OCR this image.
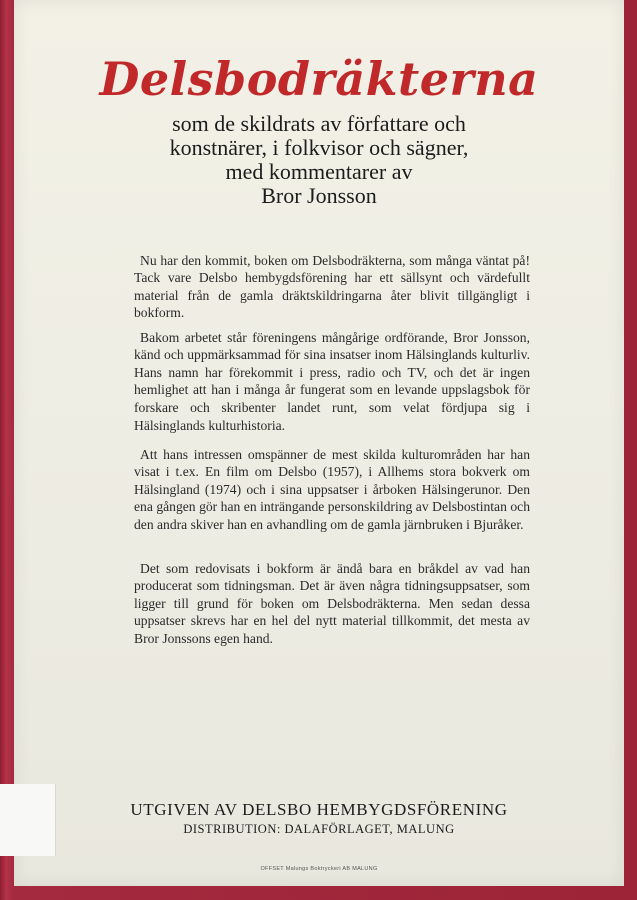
Delsbodräkterna
som de skildrats av författare och
konstnärer, i folkvisor och sägner,
med kommentarer av
Bror Jonsson

Nu har den kommit, boken om Delsbodräkterna, som många väntat på! Tack vare Delsbo hembygdsförening har ett sällsynt och värdefullt material från de gamla dräktskildringarna åter blivit tillgängligt i bokform.

Bakom arbetet står föreningens mångårige ordförande, Bror Jonsson, känd och uppmärksammad för sina insatser inom Hälsinglands kulturliv. Hans namn har förekommit i press, radio och TV, och det är ingen hemlighet att han i många år fungerat som en levande uppslagsbok för forskare och skribenter landet runt, som velat fördjupa sig i Hälsinglands kulturhistoria.

Att hans intressen omspänner de mest skilda kulturområden har han visat i t.ex. En film om Delsbo (1957), i Allhems stora bokverk om Hälsingland (1974) och i sina uppsatser i årboken Hälsingerunor. Den ena gången gör han en inträngande personskildring av Delsbostintan och den andra skiver han en avhandling om de gamla järnbruken i Bjuråker.

Det som redovisats i bokform är ändå bara en bråkdel av vad han producerat som tidningsman. Det är även några tidningsuppsatser, som ligger till grund för boken om Delsbodräkterna. Men sedan dessa uppsatser skrevs har en hel del nytt material tillkommit, det mesta av Bror Jonssons egen hand.

UTGIVEN AV DELSBO HEMBYGDSFÖRENING
DISTRIBUTION: DALAFÖRLAGET, MALUNG
OFFSET Malungs Boktryckeri AB MALUNG
